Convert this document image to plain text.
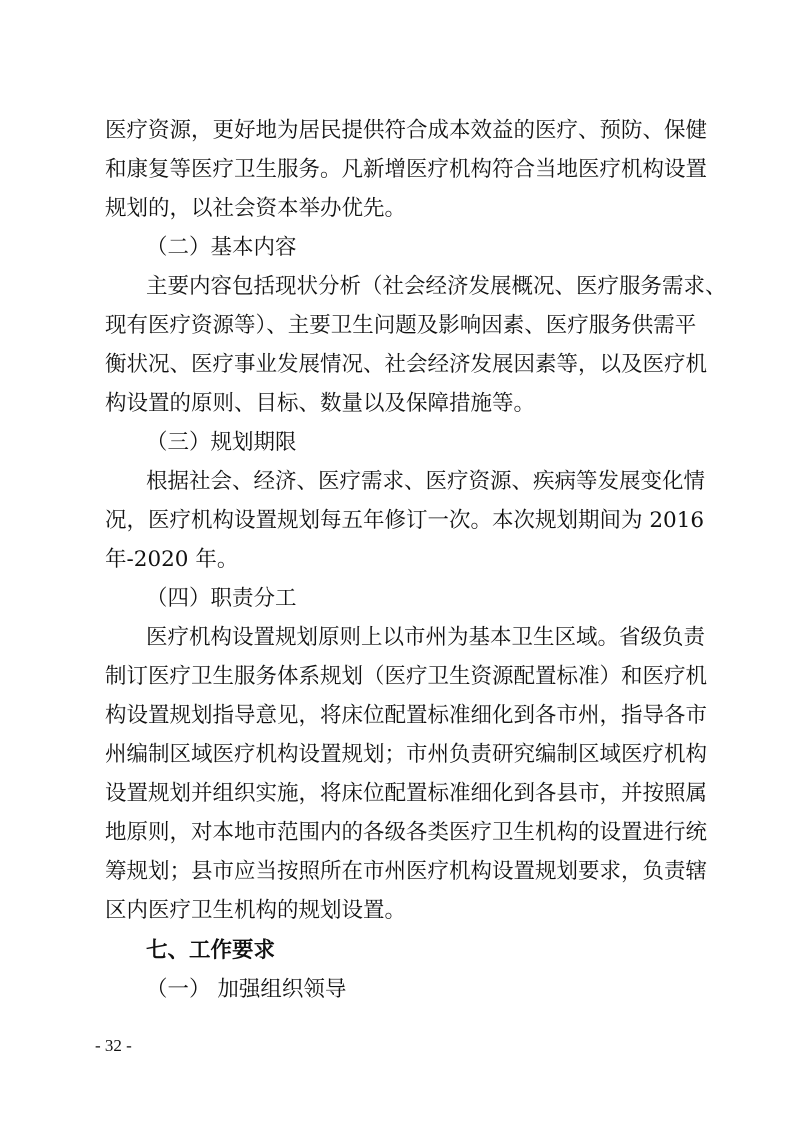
医疗资源，更好地为居民提供符合成本效益的医疗、预防、保健
和康复等医疗卫生服务。凡新增医疗机构符合当地医疗机构设置
规划的，以社会资本举办优先。
（二）基本内容
主要内容包括现状分析（社会经济发展概况、医疗服务需求、
现有医疗资源等）、主要卫生问题及影响因素、医疗服务供需平
衡状况、医疗事业发展情况、社会经济发展因素等，以及医疗机
构设置的原则、目标、数量以及保障措施等。
（三）规划期限
根据社会、经济、医疗需求、医疗资源、疾病等发展变化情
况，医疗机构设置规划每五年修订一次。本次规划期间为 2016
年-2020 年。
（四）职责分工
医疗机构设置规划原则上以市州为基本卫生区域。省级负责
制订医疗卫生服务体系规划（医疗卫生资源配置标准）和医疗机
构设置规划指导意见，将床位配置标准细化到各市州，指导各市
州编制区域医疗机构设置规划；市州负责研究编制区域医疗机构
设置规划并组织实施，将床位配置标准细化到各县市，并按照属
地原则，对本地市范围内的各级各类医疗卫生机构的设置进行统
筹规划；县市应当按照所在市州医疗机构设置规划要求，负责辖
区内医疗卫生机构的规划设置。
七、工作要求
（一） 加强组织领导
- 32 -
